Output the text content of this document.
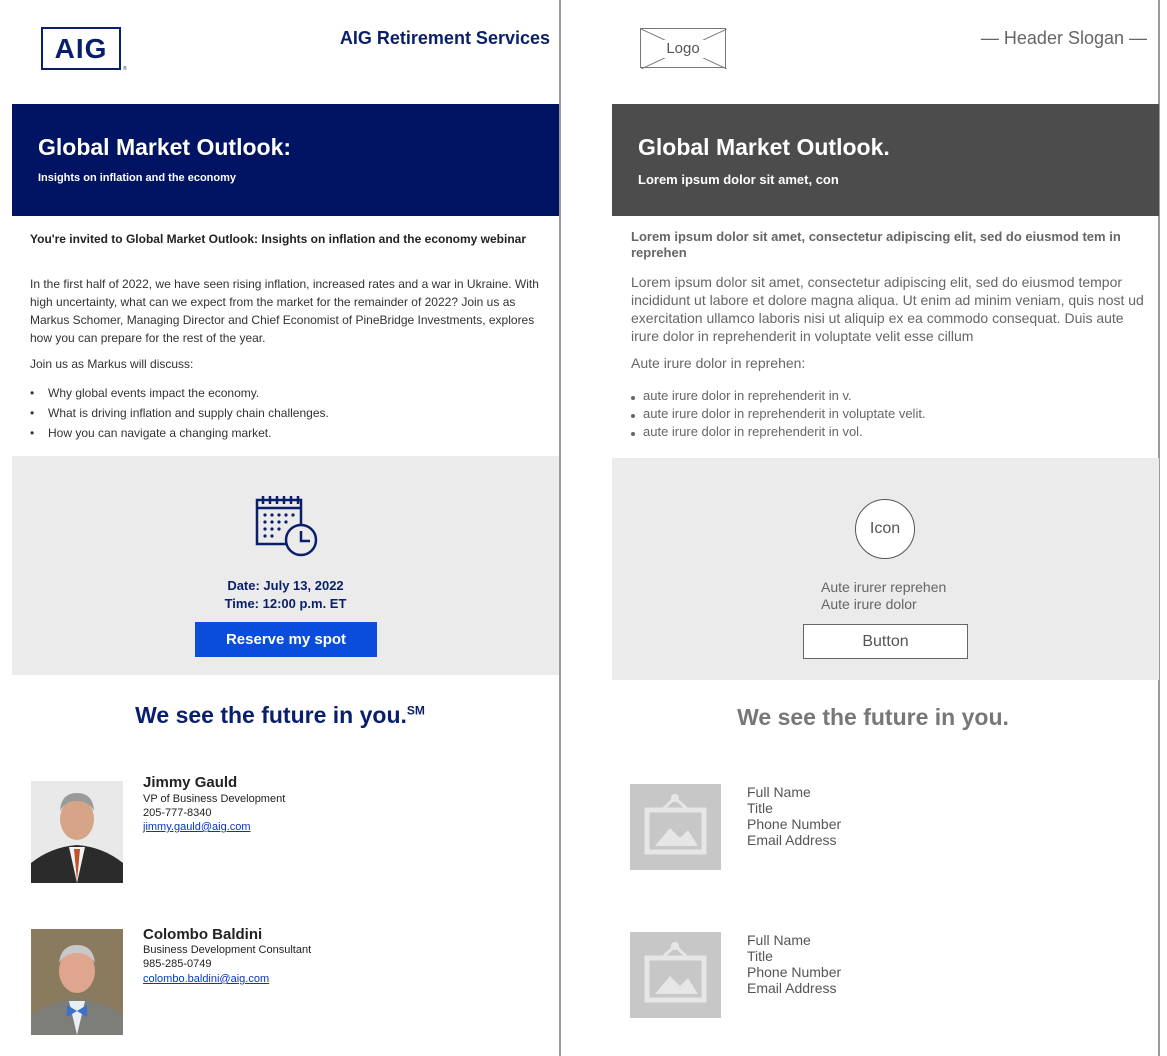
AIG
®
AIG Retirement Services
Global Market Outlook:
Insights on inflation and the economy
You're invited to Global Market Outlook: Insights on inflation and the economy webinar
In the first half of 2022, we have seen rising inflation, increased rates and a war in Ukraine. With high uncertainty, what can we expect from the market for the remainder of 2022? Join us as Markus Schomer, Managing Director and Chief Economist of PineBridge Investments, explores how you can prepare for the rest of the year.
Join us as Markus will discuss:
• Why global events impact the economy.
• What is driving inflation and supply chain challenges.
• How you can navigate a changing market.
Date: July 13, 2022
Time: 12:00 p.m. ET
Reserve my spot
We see the future in you.℠
Jimmy Gauld
VP of Business Development
205-777-8340
jimmy.gauld@aig.com
Colombo Baldini
Business Development Consultant
985-285-0749
colombo.baldini@aig.com
Logo
— Header Slogan —
Global Market Outlook.
Lorem ipsum dolor sit amet, con
Lorem ipsum dolor sit amet, consectetur adipiscing elit, sed do eiusmod tem in reprehen
Lorem ipsum dolor sit amet, consectetur adipiscing elit, sed do eiusmod tempor incididunt ut labore et dolore magna aliqua. Ut enim ad minim veniam, quis nost ud exercitation ullamco laboris nisi ut aliquip ex ea commodo consequat. Duis aute irure dolor in reprehenderit in voluptate velit esse cillum
Aute irure dolor in reprehen:
aute irure dolor in reprehenderit in v.
aute irure dolor in reprehenderit in voluptate velit.
aute irure dolor in reprehenderit in vol.
Icon
Aute irurer reprehen
Aute irure dolor
Button
We see the future in you.
Full Name
Title
Phone Number
Email Address
Full Name
Title
Phone Number
Email Address
